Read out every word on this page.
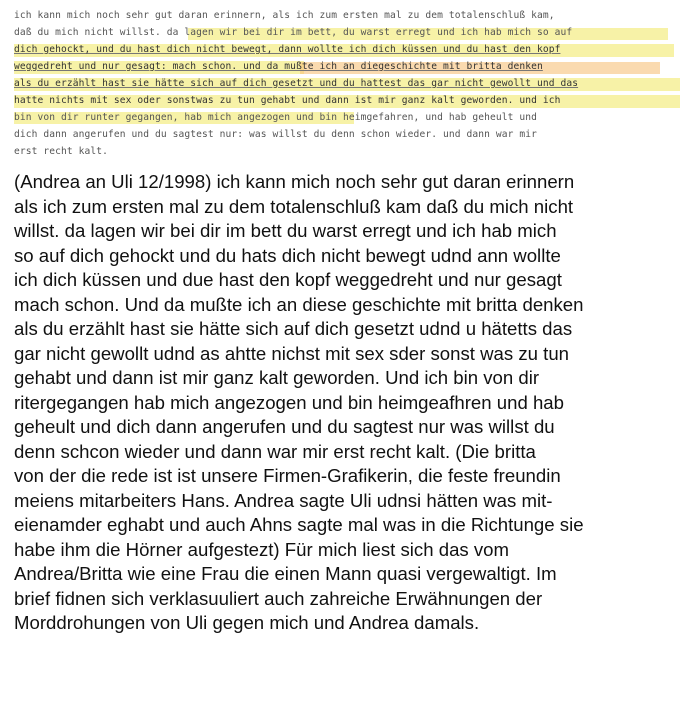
ich kann mich noch sehr gut daran erinnern, als ich zum ersten mal zu dem totalenschluß kam,
daß du mich nicht willst. da lagen wir bei dir im bett, du warst erregt und ich hab mich so auf
dich gehockt, und du hast dich nicht bewegt, dann wollte ich dich küssen und du hast den kopf
weggedreht und nur gesagt: mach schon. und da mußte ich an diegeschichte mit britta denken
als du erzählt hast sie hätte sich auf dich gesetzt und du hattest das gar nicht gewollt und das
hatte nichts mit sex oder sonstwas zu tun gehabt und dann ist mir ganz kalt geworden. und ich
bin von dir runter gegangen, hab mich angezogen und bin heimgefahren, und hab geheult und
dich dann angerufen und du sagtest nur: was willst du denn schon wieder. und dann war mir
erst recht kalt.
(Andrea an Uli 12/1998) ich kann mich noch sehr gut daran erinnern
als ich zum ersten mal zu dem totalenschluß kam daß du mich nicht
willst. da lagen wir bei dir im bett du warst erregt und ich hab mich
so auf dich gehockt und du hats dich nicht bewegt udnd ann wollte
ich dich küssen und due hast den kopf weggedreht und nur gesagt
mach schon. Und da mußte ich an diese geschichte mit britta denken
als du erzählt hast sie hätte sich auf dich gesetzt udnd u hätetts das
gar nicht gewollt udnd as ahtte nichst mit sex sder sonst was zu tun
gehabt und dann ist mir ganz kalt geworden. Und ich bin von dir
ritergegangen hab mich angezogen und bin heimgeafhren und hab
geheult und dich dann angerufen und du sagtest nur was willst du
denn schcon wieder und dann war mir erst recht kalt. (Die britta
von der die rede ist ist unsere Firmen-Grafikerin, die feste freundin
meiens mitarbeiters Hans. Andrea sagte Uli udnsi hätten was mit-
eienamder eghabt und auch Ahns sagte mal was in die Richtunge sie
habe ihm die Hörner aufgestezt) Für mich liest sich das vom
Andrea/Britta wie eine Frau die einen Mann quasi vergewaltigt. Im
brief fidnen sich verklasuuliert auch zahreiche Erwähnungen der
Morddrohungen von Uli gegen mich und Andrea damals.
